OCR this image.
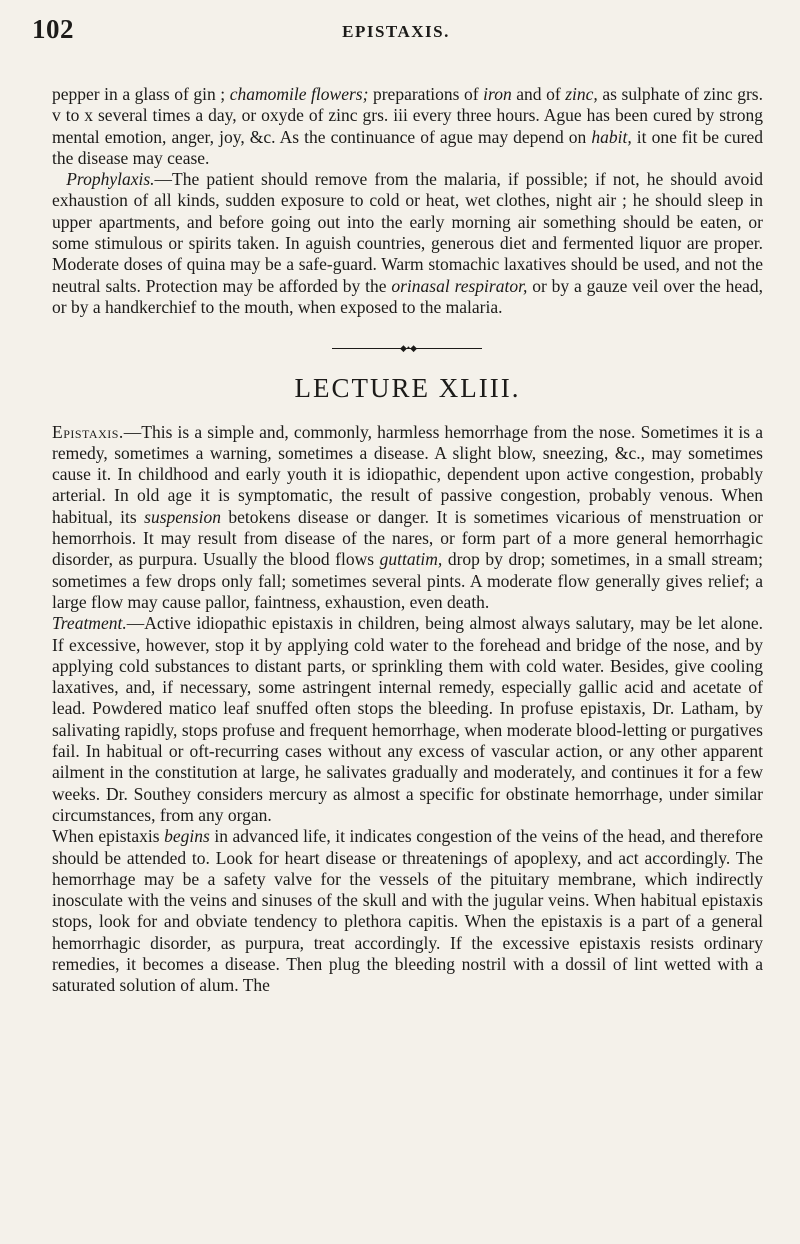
102	EPISTAXIS.

pepper in a glass of gin ; chamomile flowers; preparations of iron and of zinc, as sulphate of zinc grs. v to x several times a day, or oxyde of zinc grs. iii every three hours. Ague has been cured by strong mental emotion, anger, joy, &c. As the continuance of ague may depend on habit, it one fit be cured the disease may cease.

Prophylaxis.—The patient should remove from the malaria, if possible; if not, he should avoid exhaustion of all kinds, sudden exposure to cold or heat, wet clothes, night air ; he should sleep in upper apartments, and before going out into the early morning air something should be eaten, or some stimulous or spirits taken. In aguish countries, generous diet and fermented liquor are proper. Moderate doses of quina may be a safe-guard. Warm stomachic laxatives should be used, and not the neutral salts. Protection may be afforded by the orinasal respirator, or by a gauze veil over the head, or by a handkerchief to the mouth, when exposed to the malaria.

◆•◆
LECTURE XLIII.

Epistaxis.—This is a simple and, commonly, harmless hemorrhage from the nose. Sometimes it is a remedy, sometimes a warning, sometimes a disease. A slight blow, sneezing, &c., may sometimes cause it. In childhood and early youth it is idiopathic, dependent upon active congestion, probably arterial. In old age it is symptomatic, the result of passive congestion, probably venous. When habitual, its suspension betokens disease or danger. It is sometimes vicarious of menstruation or hemorrhois. It may result from disease of the nares, or form part of a more general hemorrhagic disorder, as purpura. Usually the blood flows guttatim, drop by drop; sometimes, in a small stream; sometimes a few drops only fall; sometimes several pints. A moderate flow generally gives relief; a large flow may cause pallor, faintness, exhaustion, even death.

Treatment.—Active idiopathic epistaxis in children, being almost always salutary, may be let alone. If excessive, however, stop it by applying cold water to the forehead and bridge of the nose, and by applying cold substances to distant parts, or sprinkling them with cold water. Besides, give cooling laxatives, and, if necessary, some astringent internal remedy, especially gallic acid and acetate of lead. Powdered matico leaf snuffed often stops the bleeding. In profuse epistaxis, Dr. Latham, by salivating rapidly, stops profuse and frequent hemorrhage, when moderate blood-letting or purgatives fail. In habitual or oft-recurring cases without any excess of vascular action, or any other apparent ailment in the constitution at large, he salivates gradually and moderately, and continues it for a few weeks. Dr. Southey considers mercury as almost a specific for obstinate hemorrhage, under similar circumstances, from any organ.

When epistaxis begins in advanced life, it indicates congestion of the veins of the head, and therefore should be attended to. Look for heart disease or threatenings of apoplexy, and act accordingly. The hemorrhage may be a safety valve for the vessels of the pituitary membrane, which indirectly inosculate with the veins and sinuses of the skull and with the jugular veins. When habitual epistaxis stops, look for and obviate tendency to plethora capitis. When the epistaxis is a part of a general hemorrhagic disorder, as purpura, treat accordingly. If the excessive epistaxis resists ordinary remedies, it becomes a disease. Then plug the bleeding nostril with a dossil of lint wetted with a saturated solution of alum. The
